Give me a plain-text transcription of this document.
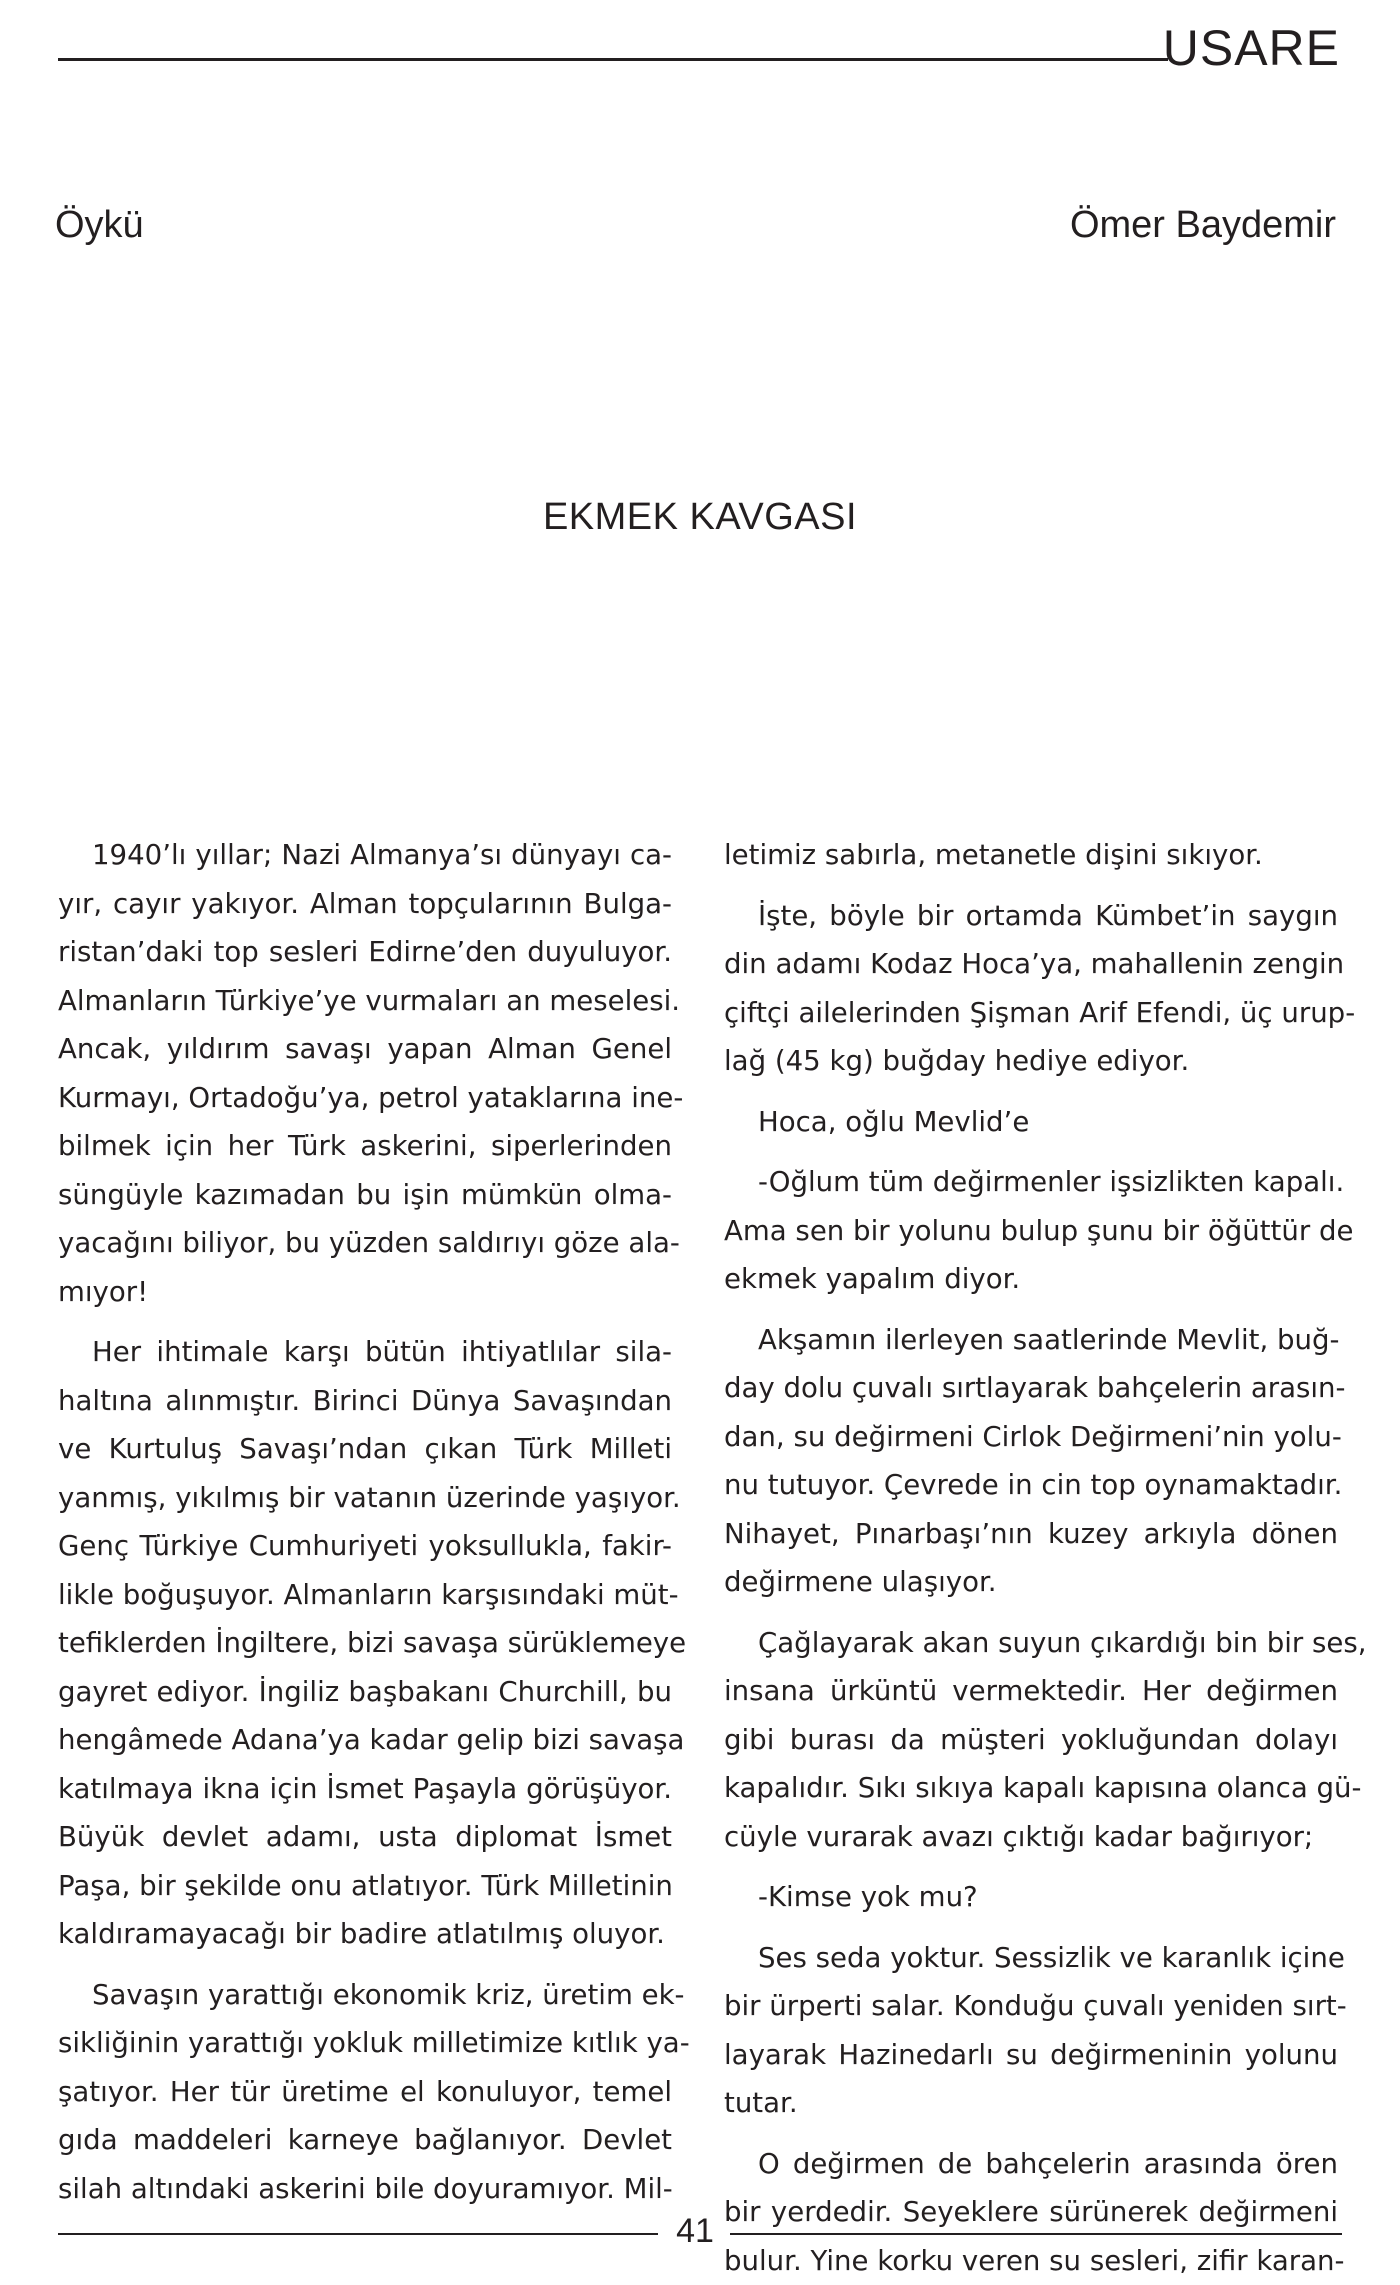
USARE
Öykü	Ömer Baydemir
EKMEK KAVGASI
1940’lı yıllar; Nazi Almanya’sı dünyayı ca-
yır, cayır yakıyor. Alman topçularının Bulga-
ristan’daki top sesleri Edirne’den duyuluyor.
Almanların Türkiye’ye vurmaları an meselesi.
Ancak, yıldırım savaşı yapan Alman Genel
Kurmayı, Ortadoğu’ya, petrol yataklarına ine-
bilmek için her Türk askerini, siperlerinden
süngüyle kazımadan bu işin mümkün olma-
yacağını biliyor, bu yüzden saldırıyı göze ala-
mıyor!
Her ihtimale karşı bütün ihtiyatlılar sila-
haltına alınmıştır. Birinci Dünya Savaşından
ve Kurtuluş Savaşı’ndan çıkan Türk Milleti
yanmış, yıkılmış bir vatanın üzerinde yaşıyor.
Genç Türkiye Cumhuriyeti yoksullukla, fakir-
likle boğuşuyor. Almanların karşısındaki müt-
tefiklerden İngiltere, bizi savaşa sürüklemeye
gayret ediyor. İngiliz başbakanı Churchill, bu
hengâmede Adana’ya kadar gelip bizi savaşa
katılmaya ikna için İsmet Paşayla görüşüyor.
Büyük devlet adamı, usta diplomat İsmet
Paşa, bir şekilde onu atlatıyor. Türk Milletinin
kaldıramayacağı bir badire atlatılmış oluyor.
Savaşın yarattığı ekonomik kriz, üretim ek-
sikliğinin yarattığı yokluk milletimize kıtlık ya-
şatıyor. Her tür üretime el konuluyor, temel
gıda maddeleri karneye bağlanıyor. Devlet
silah altındaki askerini bile doyuramıyor. Mil-
letimiz sabırla, metanetle dişini sıkıyor.
İşte, böyle bir ortamda Kümbet’in saygın
din adamı Kodaz Hoca’ya, mahallenin zengin
çiftçi ailelerinden Şişman Arif Efendi, üç urup-
lağ (45 kg) buğday hediye ediyor.
Hoca, oğlu Mevlid’e
-Oğlum tüm değirmenler işsizlikten kapalı.
Ama sen bir yolunu bulup şunu bir öğüttür de
ekmek yapalım diyor.
Akşamın ilerleyen saatlerinde Mevlit, buğ-
day dolu çuvalı sırtlayarak bahçelerin arasın-
dan, su değirmeni Cirlok Değirmeni’nin yolu-
nu tutuyor. Çevrede in cin top oynamaktadır.
Nihayet, Pınarbaşı’nın kuzey arkıyla dönen
değirmene ulaşıyor.
Çağlayarak akan suyun çıkardığı bin bir ses,
insana ürküntü vermektedir. Her değirmen
gibi burası da müşteri yokluğundan dolayı
kapalıdır. Sıkı sıkıya kapalı kapısına olanca gü-
cüyle vurarak avazı çıktığı kadar bağırıyor;
-Kimse yok mu?
Ses seda yoktur. Sessizlik ve karanlık içine
bir ürperti salar. Konduğu çuvalı yeniden sırt-
layarak Hazinedarlı su değirmeninin yolunu
tutar.
O değirmen de bahçelerin arasında ören
bir yerdedir. Seyeklere sürünerek değirmeni
bulur. Yine korku veren su sesleri, zifir karan-
41
